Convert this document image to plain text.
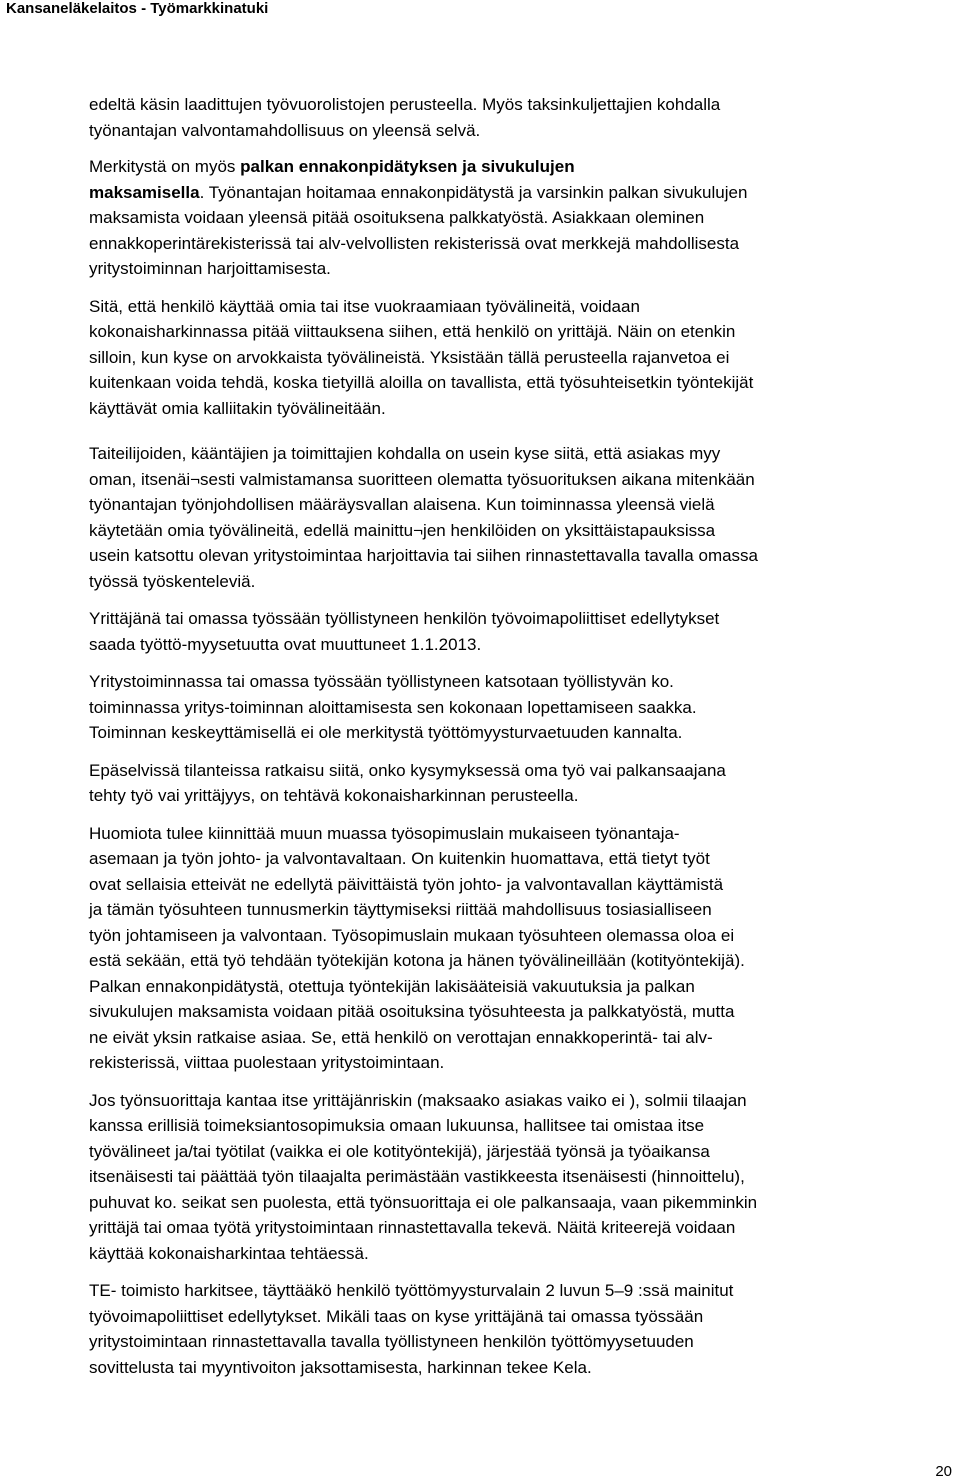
Kansaneläkelaitos - Työmarkkinatuki
edeltä käsin laadittujen työvuorolistojen perusteella. Myös taksinkuljettajien kohdalla
työnantajan valvontamahdollisuus on yleensä selvä.
Merkitystä on myös palkan ennakonpidätyksen ja sivukulujen
maksamisella. Työnantajan hoitamaa ennakonpidätystä ja varsinkin palkan sivukulujen
maksamista voidaan yleensä pitää osoituksena palkkatyöstä. Asiakkaan oleminen
ennakkoperintärekisterissä tai alv-velvollisten rekisterissä ovat merkkejä mahdollisesta
yritystoiminnan harjoittamisesta.
Sitä, että henkilö käyttää omia tai itse vuokraamiaan työvälineitä, voidaan
kokonaisharkinnassa pitää viittauksena siihen, että henkilö on yrittäjä. Näin on etenkin
silloin, kun kyse on arvokkaista työvälineistä. Yksistään tällä perusteella rajanvetoa ei
kuitenkaan voida tehdä, koska tietyillä aloilla on tavallista, että työsuhteisetkin työntekijät
käyttävät omia kalliitakin työvälineitään.
Taiteilijoiden, kääntäjien ja toimittajien kohdalla on usein kyse siitä, että asiakas myy
oman, itsenäi¬sesti valmistamansa suoritteen olematta työsuorituksen aikana mitenkään
työnantajan työnjohdollisen määräysvallan alaisena. Kun toiminnassa yleensä vielä
käytetään omia työvälineitä, edellä mainittu¬jen henkilöiden on yksittäistapauksissa
usein katsottu olevan yritystoimintaa harjoittavia tai siihen rinnastettavalla tavalla omassa
työssä työskenteleviä.
Yrittäjänä tai omassa työssään työllistyneen henkilön työvoimapoliittiset edellytykset
saada työttö-myysetuutta ovat muuttuneet 1.1.2013.
Yritystoiminnassa tai omassa työssään työllistyneen katsotaan työllistyvän ko.
toiminnassa yritys-toiminnan aloittamisesta sen kokonaan lopettamiseen saakka.
Toiminnan keskeyttämisellä ei ole merkitystä työttömyysturvaetuuden kannalta.
Epäselvissä tilanteissa ratkaisu siitä, onko kysymyksessä oma työ vai palkansaajana
tehty työ vai yrittäjyys, on tehtävä kokonaisharkinnan perusteella.
Huomiota tulee kiinnittää muun muassa työsopimuslain mukaiseen työnantaja-
asemaan ja työn johto- ja valvontavaltaan. On kuitenkin huomattava, että tietyt työt
ovat sellaisia etteivät ne edellytä päivittäistä työn johto- ja valvontavallan käyttämistä
ja tämän työsuhteen tunnusmerkin täyttymiseksi riittää mahdollisuus tosiasialliseen
työn johtamiseen ja valvontaan. Työsopimuslain mukaan työsuhteen olemassa oloa ei
estä sekään, että työ tehdään työtekijän kotona ja hänen työvälineillään (kotityöntekijä).
Palkan ennakonpidätystä, otettuja työntekijän lakisääteisiä vakuutuksia ja palkan
sivukulujen maksamista voidaan pitää osoituksina työsuhteesta ja palkkatyöstä, mutta
ne eivät yksin ratkaise asiaa. Se, että henkilö on verottajan ennakkoperintä- tai alv-
rekisterissä, viittaa puolestaan yritystoimintaan.
Jos työnsuorittaja kantaa itse yrittäjänriskin (maksaako asiakas vaiko ei ), solmii tilaajan
kanssa erillisiä toimeksiantosopimuksia omaan lukuunsa, hallitsee tai omistaa itse
työvälineet ja/tai työtilat (vaikka ei ole kotityöntekijä), järjestää työnsä ja työaikansa
itsenäisesti tai päättää työn tilaajalta perimästään vastikkeesta itsenäisesti (hinnoittelu),
puhuvat ko. seikat sen puolesta, että työnsuorittaja ei ole palkansaaja, vaan pikemminkin
yrittäjä tai omaa työtä yritystoimintaan rinnastettavalla tekevä. Näitä kriteerejä voidaan
käyttää kokonaisharkintaa tehtäessä.
TE- toimisto harkitsee, täyttääkö henkilö työttömyysturvalain 2 luvun 5–9 :ssä mainitut
työvoimapoliittiset edellytykset. Mikäli taas on kyse yrittäjänä tai omassa työssään
yritystoimintaan rinnastettavalla tavalla työllistyneen henkilön työttömyysetuuden
sovittelusta tai myyntivoiton jaksottamisesta, harkinnan tekee Kela.
20
